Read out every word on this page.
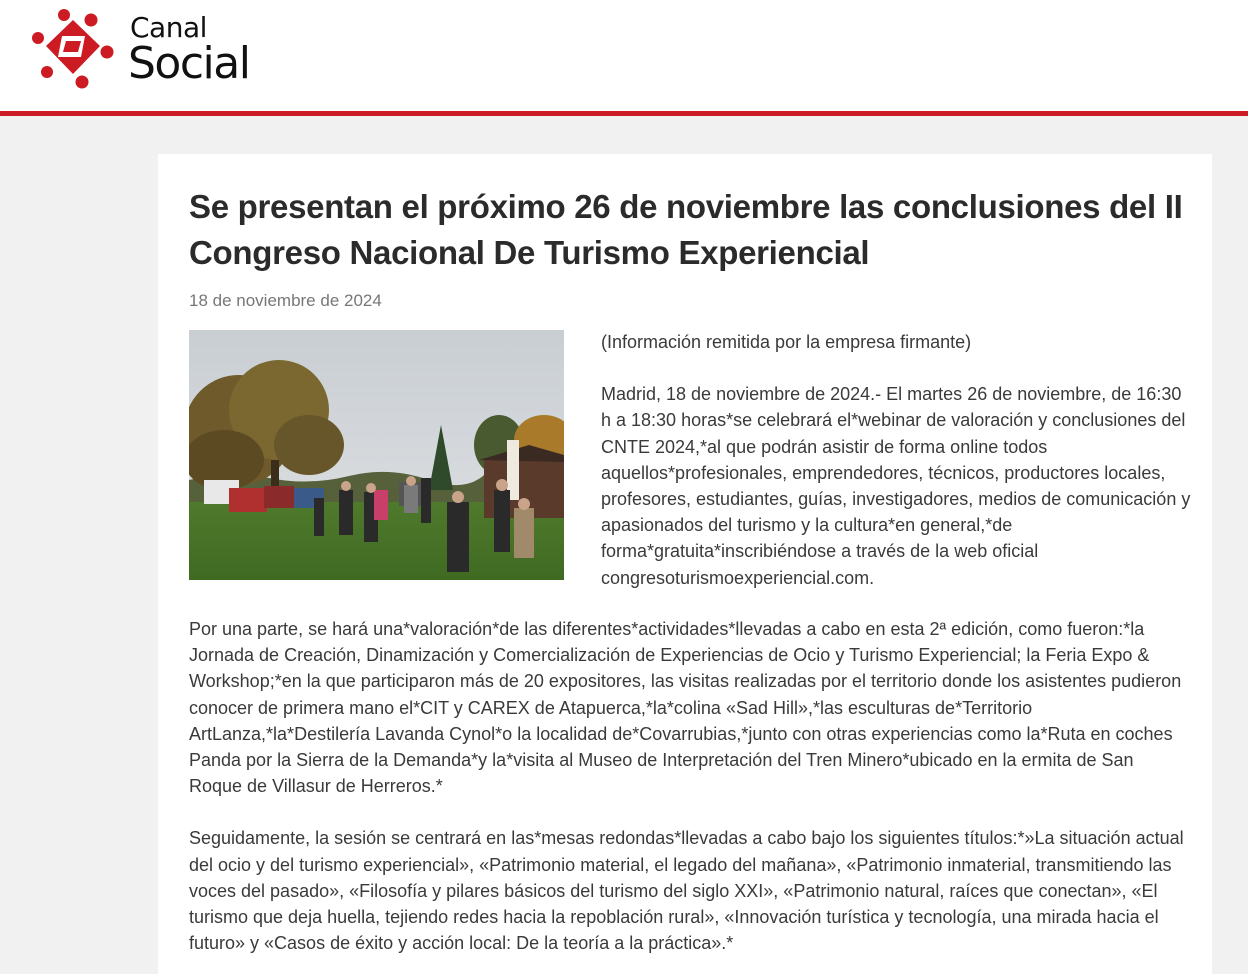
Canal
Social
Se presentan el próximo 26 de noviembre las conclusiones del II Congreso Nacional De Turismo Experiencial
18 de noviembre de 2024

(Información remitida por la empresa firmante)

Madrid, 18 de noviembre de 2024.- El martes 26 de noviembre, de 16:30 h a 18:30 horas*se celebrará el*webinar de valoración y conclusiones del CNTE 2024,*al que podrán asistir de forma online todos aquellos*profesionales, emprendedores, técnicos, productores locales, profesores, estudiantes, guías, investigadores, medios de comunicación y apasionados del turismo y la cultura*en general,*de forma*gratuita*inscribiéndose a través de la web oficial congresoturismoexperiencial.com.

Por una parte, se hará una*valoración*de las diferentes*actividades*llevadas a cabo en esta 2ª edición, como fueron:*la Jornada de Creación, Dinamización y Comercialización de Experiencias de Ocio y Turismo Experiencial; la Feria Expo & Workshop;*en la que participaron más de 20 expositores, las visitas realizadas por el territorio donde los asistentes pudieron conocer de primera mano el*CIT y CAREX de Atapuerca,*la*colina «Sad Hill»,*las esculturas de*Territorio ArtLanza,*la*Destilería Lavanda Cynol*o la localidad de*Covarrubias,*junto con otras experiencias como la*Ruta en coches Panda por la Sierra de la Demanda*y la*visita al Museo de Interpretación del Tren Minero*ubicado en la ermita de San Roque de Villasur de Herreros.*

Seguidamente, la sesión se centrará en las*mesas redondas*llevadas a cabo bajo los siguientes títulos:*»La situación actual del ocio y del turismo experiencial», «Patrimonio material, el legado del mañana», «Patrimonio inmaterial, transmitiendo las voces del pasado», «Filosofía y pilares básicos del turismo del siglo XXI», «Patrimonio natural, raíces que conectan», «El turismo que deja huella, tejiendo redes hacia la repoblación rural», «Innovación turística y tecnología, una mirada hacia el futuro» y «Casos de éxito y acción local: De la teoría a la práctica».*
